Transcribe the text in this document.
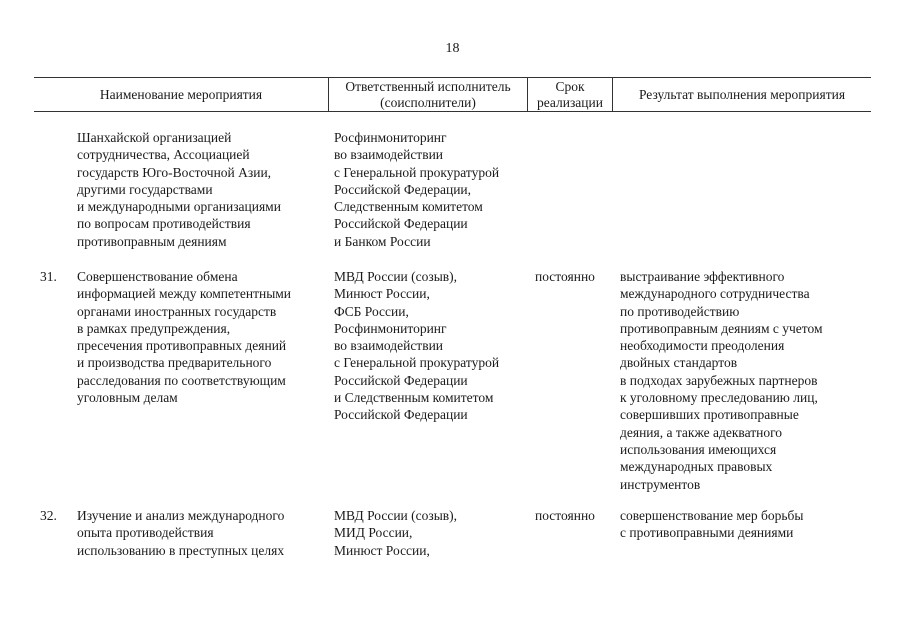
18
Наименование мероприятия
Ответственный исполнитель
(соисполнители)
Срок
реализации
Результат выполнения мероприятия
Шанхайской организацией
сотрудничества, Ассоциацией
государств Юго-Восточной Азии,
другими государствами
и международными организациями
по вопросам противодействия
противоправным деяниям
Росфинмониторинг
во взаимодействии
с Генеральной прокуратурой
Российской Федерации,
Следственным комитетом
Российской Федерации
и Банком России
31. Совершенствование обмена
информацией между компетентными
органами иностранных государств
в рамках предупреждения,
пресечения противоправных деяний
и производства предварительного
расследования по соответствующим
уголовным делам
МВД России (созыв),
Минюст России,
ФСБ России,
Росфинмониторинг
во взаимодействии
с Генеральной прокуратурой
Российской Федерации
и Следственным комитетом
Российской Федерации
постоянно выстраивание эффективного
международного сотрудничества
по противодействию
противоправным деяниям с учетом
необходимости преодоления
двойных стандартов
в подходах зарубежных партнеров
к уголовному преследованию лиц,
совершивших противоправные
деяния, а также адекватного
использования имеющихся
международных правовых
инструментов
32. Изучение и анализ международного
опыта противодействия
использованию в преступных целях
МВД России (созыв),
МИД России,
Минюст России,
постоянно совершенствование мер борьбы
с противоправными деяниями
